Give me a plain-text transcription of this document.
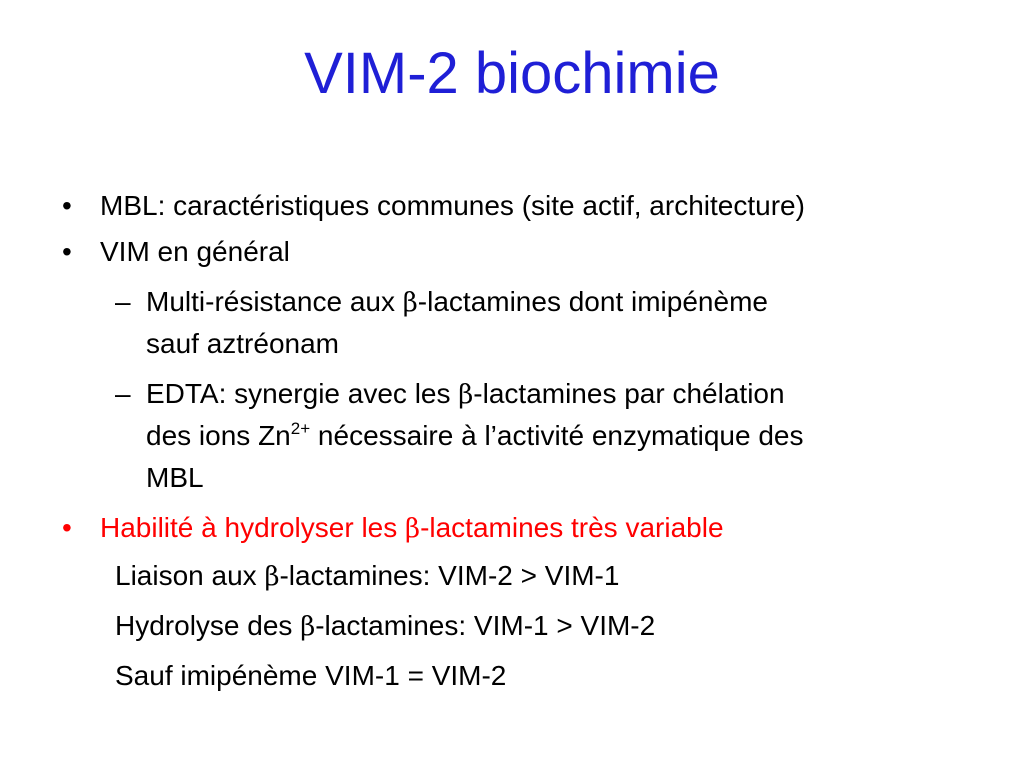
VIM-2 biochimie
•	MBL: caractéristiques communes (site actif, architecture)
•	VIM en général
– Multi-résistance aux β-lactamines dont imipénème
sauf aztréonam
– EDTA: synergie avec les β-lactamines par chélation
des ions $Zn^{2+}$ nécessaire à l’activité enzymatique des
MBL
•	Habilité à hydrolyser les β-lactamines très variable
Liaison aux β-lactamines: VIM-2 > VIM-1
Hydrolyse des β-lactamines: VIM-1 > VIM-2
Sauf imipénème VIM-1 = VIM-2
